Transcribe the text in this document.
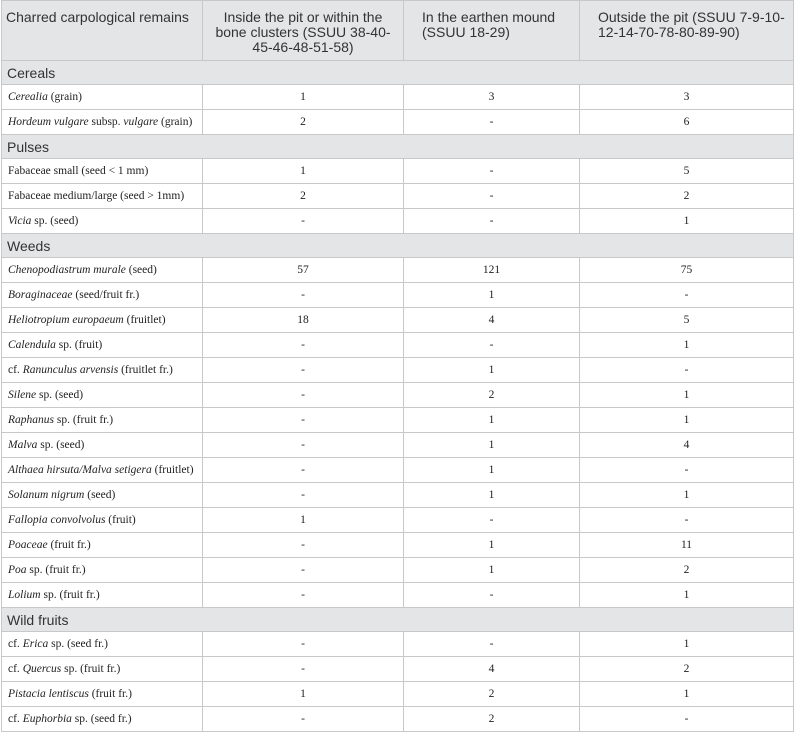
Charred carpological remains	Inside the pit or within the bone clusters (SSUU 38-40-45-46-48-51-58)	In the earthen mound (SSUU 18-29)	Outside the pit (SSUU 7-9-10-12-14-70-78-80-89-90)
Cereals			
Cerealia (grain)	1	3	3
Hordeum vulgare subsp. vulgare (grain)	2	-	6
Pulses			
Fabaceae small (seed < 1 mm)	1	-	5
Fabaceae medium/large (seed > 1mm)	2	-	2
Vicia sp. (seed)	-	-	1
Weeds			
Chenopodiastrum murale (seed)	57	121	75
Boraginaceae (seed/fruit fr.)	-	1	-
Heliotropium europaeum (fruitlet)	18	4	5
Calendula sp. (fruit)	-	-	1
cf. Ranunculus arvensis (fruitlet fr.)	-	1	-
Silene sp. (seed)	-	2	1
Raphanus sp. (fruit fr.)	-	1	1
Malva sp. (seed)	-	1	4
Althaea hirsuta/Malva setigera (fruitlet)	-	1	-
Solanum nigrum (seed)	-	1	1
Fallopia convolvolus (fruit)	1	-	-
Poaceae (fruit fr.)	-	1	11
Poa sp. (fruit fr.)	-	1	2
Lolium sp. (fruit fr.)	-	-	1
Wild fruits			
cf. Erica sp. (seed fr.)	-	-	1
cf. Quercus sp. (fruit fr.)	-	4	2
Pistacia lentiscus (fruit fr.)	1	2	1
cf. Euphorbia sp. (seed fr.)	-	2	-
